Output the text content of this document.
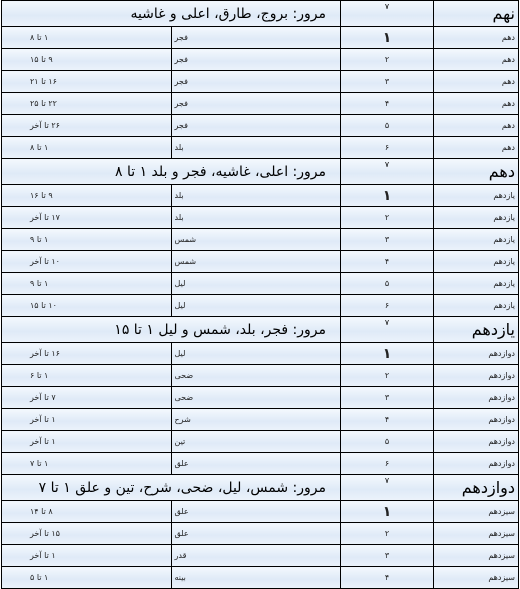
نهم	۷	مرور: بروج، طارق، اعلی و غاشیه	
دهم	۱	فجر	۱ تا ۸
دهم	۲	فجر	۹ تا ۱۵
دهم	۳	فجر	۱۶ تا ۲۱
دهم	۴	فجر	۲۲ تا ۲۵
دهم	۵	فجر	۲۶ تا آخر
دهم	۶	بلد	۱ تا ۸
دهم	۷	مرور: اعلی، غاشیه، فجر و بلد ۱ تا ۸	
یازدهم	۱	بلد	۹ تا ۱۶
یازدهم	۲	بلد	۱۷ تا آخر
یازدهم	۳	شمس	۱ تا ۹
یازدهم	۴	شمس	۱۰ تا آخر
یازدهم	۵	لیل	۱ تا ۹
یازدهم	۶	لیل	۱۰ تا ۱۵
یازدهم	۷	مرور: فجر، بلد، شمس و لیل ۱ تا ۱۵	
دوازدهم	۱	لیل	۱۶ تا آخر
دوازدهم	۲	ضحی	۱ تا ۶
دوازدهم	۳	ضحی	۷ تا آخر
دوازدهم	۴	شرح	۱ تا آخر
دوازدهم	۵	تین	۱ تا آخر
دوازدهم	۶	علق	۱ تا ۷
دوازدهم	۷	مرور: شمس، لیل، ضحی، شرح، تین و علق ۱ تا ۷	
سیزدهم	۱	علق	۸ تا ۱۴
سیزدهم	۲	علق	۱۵ تا آخر
سیزدهم	۳	قدر	۱ تا آخر
سیزدهم	۴	بینه	۱ تا ۵
